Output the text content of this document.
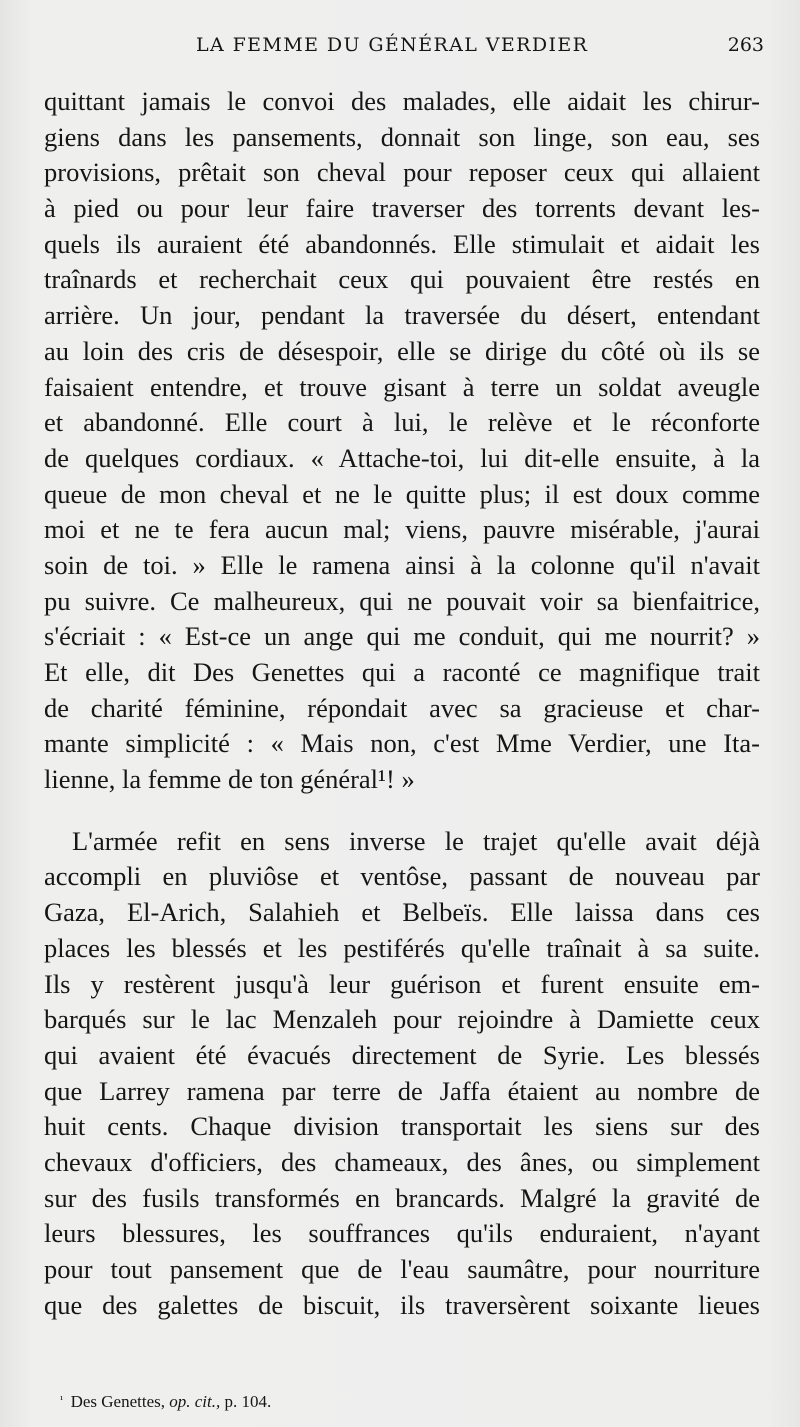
LA FEMME DU GÉNÉRAL VERDIER	263
quittant jamais le convoi des malades, elle aidait les chirur-
giens dans les pansements, donnait son linge, son eau, ses
provisions, prêtait son cheval pour reposer ceux qui allaient
à pied ou pour leur faire traverser des torrents devant les-
quels ils auraient été abandonnés. Elle stimulait et aidait les
traînards et recherchait ceux qui pouvaient être restés en
arrière. Un jour, pendant la traversée du désert, entendant
au loin des cris de désespoir, elle se dirige du côté où ils se
faisaient entendre, et trouve gisant à terre un soldat aveugle
et abandonné. Elle court à lui, le relève et le réconforte
de quelques cordiaux. « Attache-toi, lui dit-elle ensuite, à la
queue de mon cheval et ne le quitte plus; il est doux comme
moi et ne te fera aucun mal; viens, pauvre misérable, j'aurai
soin de toi. » Elle le ramena ainsi à la colonne qu'il n'avait
pu suivre. Ce malheureux, qui ne pouvait voir sa bienfaitrice,
s'écriait : « Est-ce un ange qui me conduit, qui me nourrit? »
Et elle, dit Des Genettes qui a raconté ce magnifique trait
de charité féminine, répondait avec sa gracieuse et char-
mante simplicité : « Mais non, c'est Mme Verdier, une Ita-
lienne, la femme de ton général¹! »
L'armée refit en sens inverse le trajet qu'elle avait déjà
accompli en pluviôse et ventôse, passant de nouveau par
Gaza, El-Arich, Salahieh et Belbeïs. Elle laissa dans ces
places les blessés et les pestiférés qu'elle traînait à sa suite.
Ils y restèrent jusqu'à leur guérison et furent ensuite em-
barqués sur le lac Menzaleh pour rejoindre à Damiette ceux
qui avaient été évacués directement de Syrie. Les blessés
que Larrey ramena par terre de Jaffa étaient au nombre de
huit cents. Chaque division transportait les siens sur des
chevaux d'officiers, des chameaux, des ânes, ou simplement
sur des fusils transformés en brancards. Malgré la gravité de
leurs blessures, les souffrances qu'ils enduraient, n'ayant
pour tout pansement que de l'eau saumâtre, pour nourriture
que des galettes de biscuit, ils traversèrent soixante lieues
$^{^1}$ Des Genettes, op. cit., p. 104.
